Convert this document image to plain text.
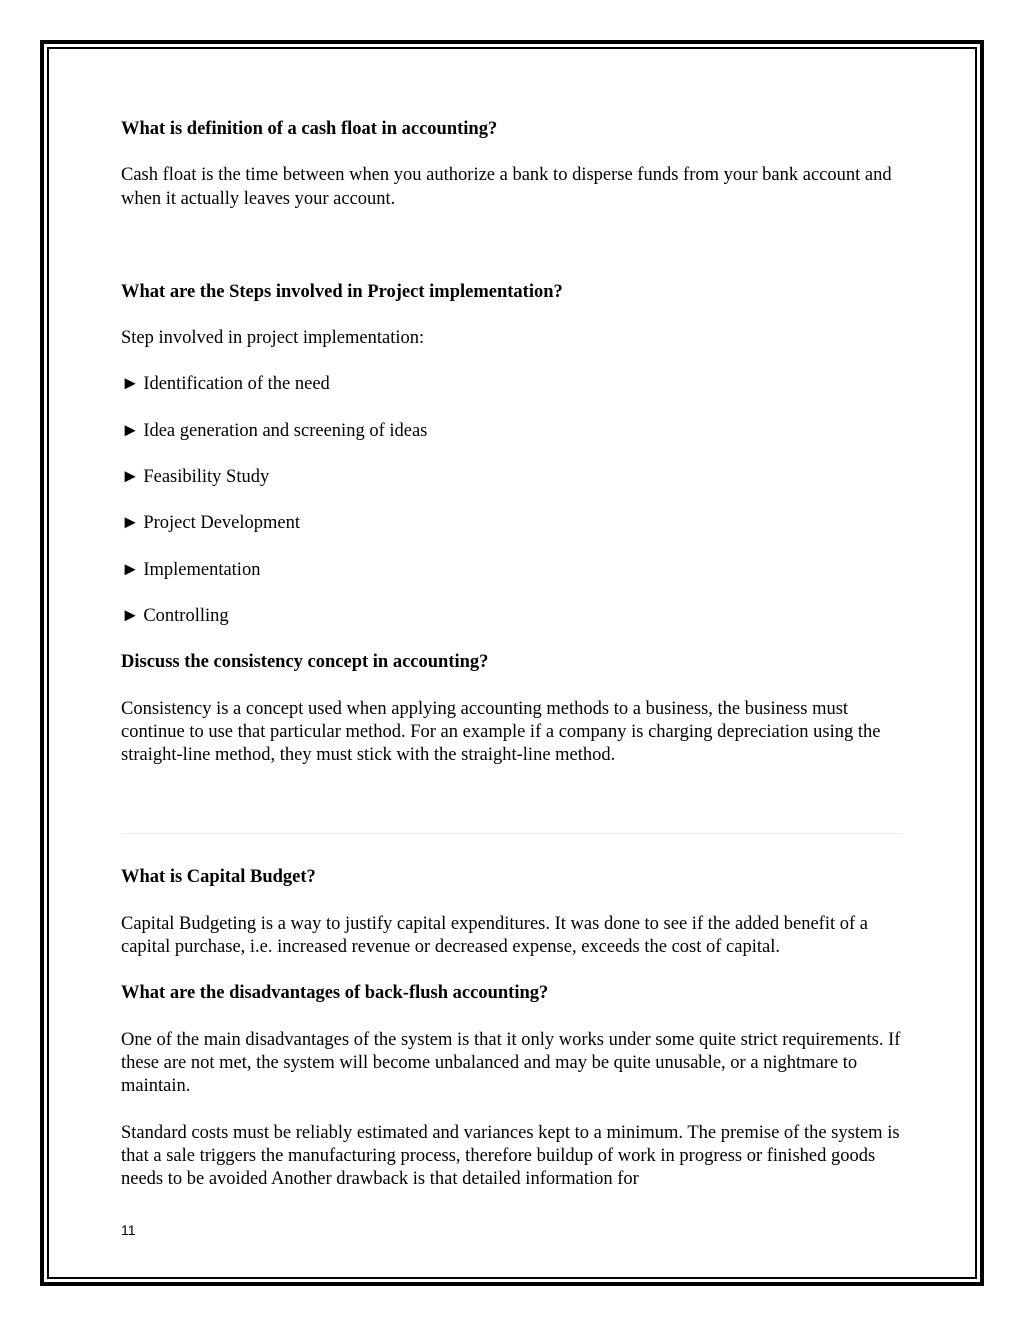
What is definition of a cash float in accounting?

Cash float is the time between when you authorize a bank to disperse funds from your bank account and when it actually leaves your account.

What are the Steps involved in Project implementation?

Step involved in project implementation:

► Identification of the need

► Idea generation and screening of ideas

► Feasibility Study

► Project Development

► Implementation

► Controlling

Discuss the consistency concept in accounting?

Consistency is a concept used when applying accounting methods to a business, the business must continue to use that particular method. For an example if a company is charging depreciation using the straight-line method, they must stick with the straight-line method.

What is Capital Budget?

Capital Budgeting is a way to justify capital expenditures. It was done to see if the added benefit of a capital purchase, i.e. increased revenue or decreased expense, exceeds the cost of capital.

What are the disadvantages of back-flush accounting?

One of the main disadvantages of the system is that it only works under some quite strict requirements. If these are not met, the system will become unbalanced and may be quite unusable, or a nightmare to maintain.

Standard costs must be reliably estimated and variances kept to a minimum. The premise of the system is that a sale triggers the manufacturing process, therefore buildup of work in progress or finished goods needs to be avoided Another drawback is that detailed information for

11
